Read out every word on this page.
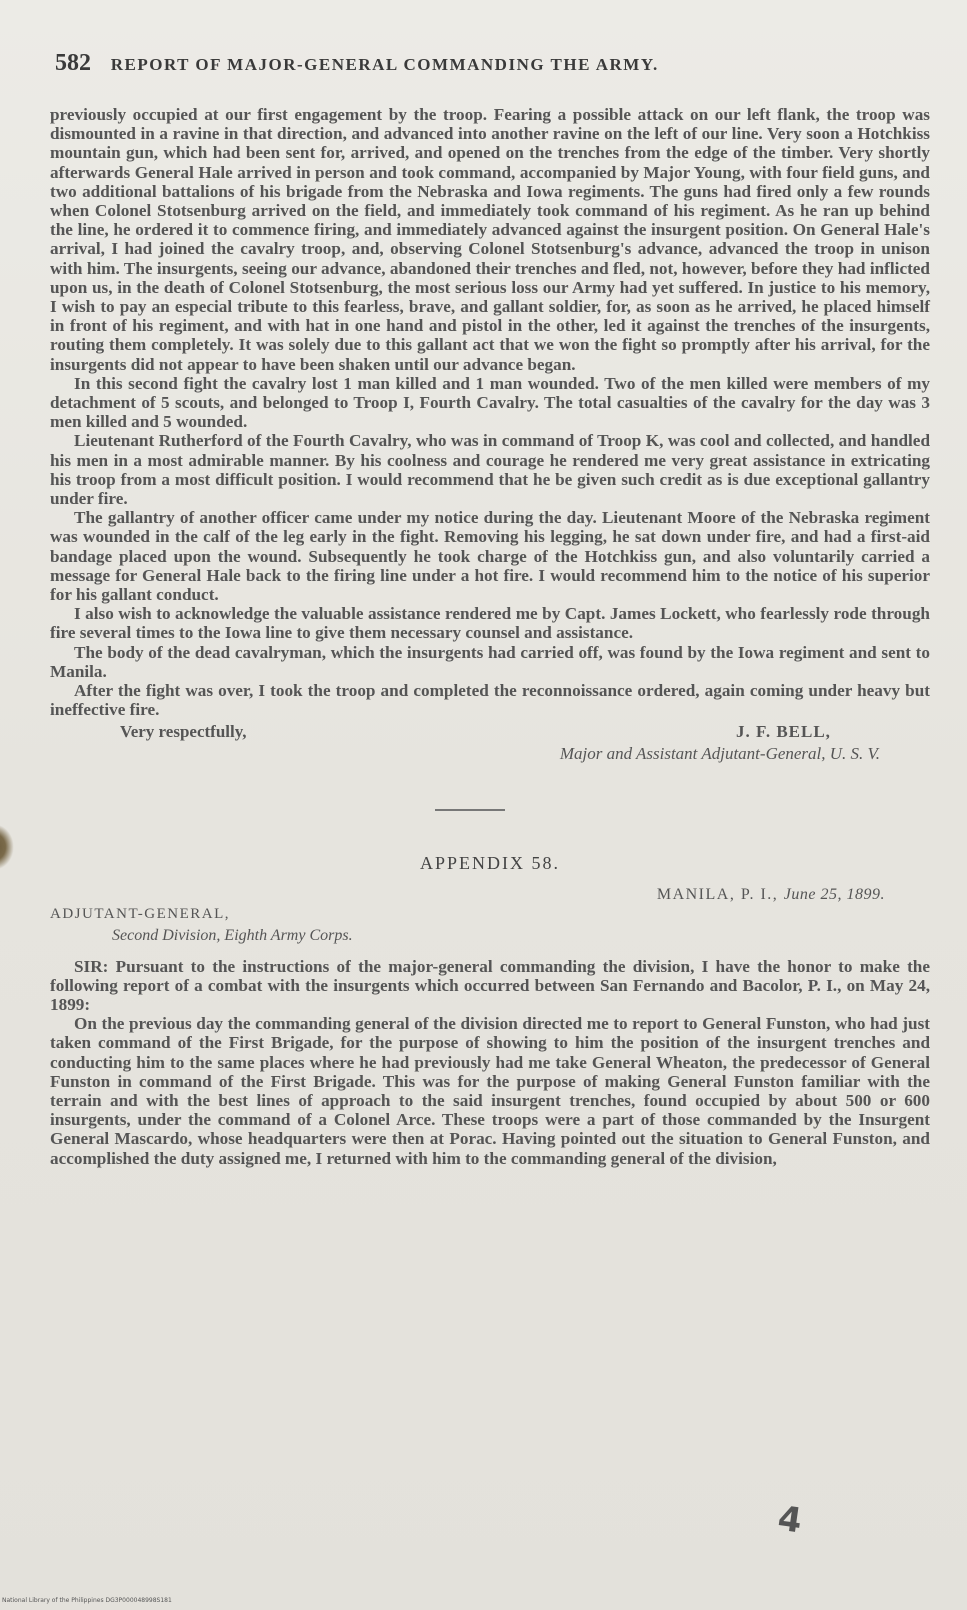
582 REPORT OF MAJOR-GENERAL COMMANDING THE ARMY.

previously occupied at our first engagement by the troop. Fearing a possible attack on our left flank, the troop was dismounted in a ravine in that direction, and advanced into another ravine on the left of our line. Very soon a Hotchkiss mountain gun, which had been sent for, arrived, and opened on the trenches from the edge of the timber. Very shortly afterwards General Hale arrived in person and took command, accompanied by Major Young, with four field guns, and two additional battalions of his brigade from the Nebraska and Iowa regiments. The guns had fired only a few rounds when Colonel Stotsenburg arrived on the field, and immediately took command of his regiment. As he ran up behind the line, he ordered it to commence firing, and immediately advanced against the insurgent position. On General Hale's arrival, I had joined the cavalry troop, and, observing Colonel Stotsenburg's advance, advanced the troop in unison with him. The insurgents, seeing our advance, abandoned their trenches and fled, not, however, before they had inflicted upon us, in the death of Colonel Stotsenburg, the most serious loss our Army had yet suffered. In justice to his memory, I wish to pay an especial tribute to this fearless, brave, and gallant soldier, for, as soon as he arrived, he placed himself in front of his regiment, and with hat in one hand and pistol in the other, led it against the trenches of the insurgents, routing them completely. It was solely due to this gallant act that we won the fight so promptly after his arrival, for the insurgents did not appear to have been shaken until our advance began.

In this second fight the cavalry lost 1 man killed and 1 man wounded. Two of the men killed were members of my detachment of 5 scouts, and belonged to Troop I, Fourth Cavalry. The total casualties of the cavalry for the day was 3 men killed and 5 wounded.

Lieutenant Rutherford of the Fourth Cavalry, who was in command of Troop K, was cool and collected, and handled his men in a most admirable manner. By his coolness and courage he rendered me very great assistance in extricating his troop from a most difficult position. I would recommend that he be given such credit as is due exceptional gallantry under fire.

The gallantry of another officer came under my notice during the day. Lieutenant Moore of the Nebraska regiment was wounded in the calf of the leg early in the fight. Removing his legging, he sat down under fire, and had a first-aid bandage placed upon the wound. Subsequently he took charge of the Hotchkiss gun, and also voluntarily carried a message for General Hale back to the firing line under a hot fire. I would recommend him to the notice of his superior for his gallant conduct.

I also wish to acknowledge the valuable assistance rendered me by Capt. James Lockett, who fearlessly rode through fire several times to the Iowa line to give them necessary counsel and assistance.

The body of the dead cavalryman, which the insurgents had carried off, was found by the Iowa regiment and sent to Manila.

After the fight was over, I took the troop and completed the reconnoissance ordered, again coming under heavy but ineffective fire.

Very respectfully,	J. F. BELL,
Major and Assistant Adjutant-General, U. S. V.
APPENDIX 58.
MANILA, P. I., June 25, 1899.
ADJUTANT-GENERAL,
Second Division, Eighth Army Corps.

SIR: Pursuant to the instructions of the major-general commanding the division, I have the honor to make the following report of a combat with the insurgents which occurred between San Fernando and Bacolor, P. I., on May 24, 1899:

On the previous day the commanding general of the division directed me to report to General Funston, who had just taken command of the First Brigade, for the purpose of showing to him the position of the insurgent trenches and conducting him to the same places where he had previously had me take General Wheaton, the predecessor of General Funston in command of the First Brigade. This was for the purpose of making General Funston familiar with the terrain and with the best lines of approach to the said insurgent trenches, found occupied by about 500 or 600 insurgents, under the command of a Colonel Arce. These troops were a part of those commanded by the Insurgent General Mascardo, whose headquarters were then at Porac. Having pointed out the situation to General Funston, and accomplished the duty assigned me, I returned with him to the commanding general of the division,

4
National Library of the Philippines DG3P000048998S181
